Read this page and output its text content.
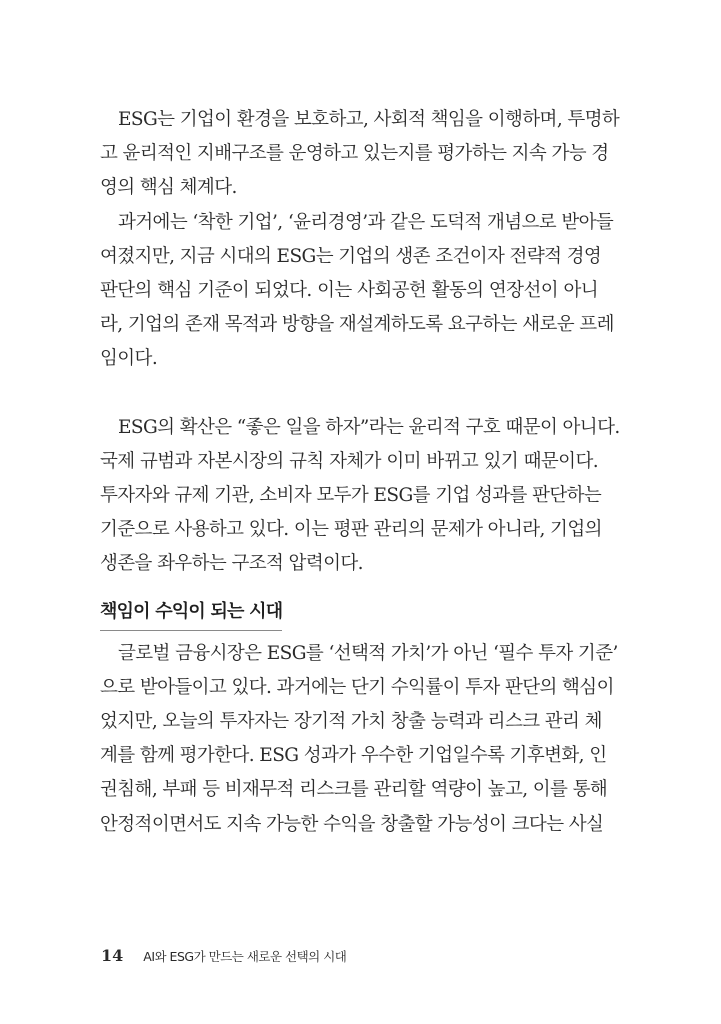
ESG는 기업이 환경을 보호하고, 사회적 책임을 이행하며, 투명하
고 윤리적인 지배구조를 운영하고 있는지를 평가하는 지속 가능 경
영의 핵심 체계다.

과거에는 ‘착한 기업’, ‘윤리경영’과 같은 도덕적 개념으로 받아들
여졌지만, 지금 시대의 ESG는 기업의 생존 조건이자 전략적 경영
판단의 핵심 기준이 되었다. 이는 사회공헌 활동의 연장선이 아니
라, 기업의 존재 목적과 방향을 재설계하도록 요구하는 새로운 프레
임이다.

ESG의 확산은 “좋은 일을 하자”라는 윤리적 구호 때문이 아니다.
국제 규범과 자본시장의 규칙 자체가 이미 바뀌고 있기 때문이다.
투자자와 규제 기관, 소비자 모두가 ESG를 기업 성과를 판단하는
기준으로 사용하고 있다. 이는 평판 관리의 문제가 아니라, 기업의
생존을 좌우하는 구조적 압력이다.

책임이 수익이 되는 시대

글로벌 금융시장은 ESG를 ‘선택적 가치’가 아닌 ‘필수 투자 기준’
으로 받아들이고 있다. 과거에는 단기 수익률이 투자 판단의 핵심이
었지만, 오늘의 투자자는 장기적 가치 창출 능력과 리스크 관리 체
계를 함께 평가한다. ESG 성과가 우수한 기업일수록 기후변화, 인
권침해, 부패 등 비재무적 리스크를 관리할 역량이 높고, 이를 통해
안정적이면서도 지속 가능한 수익을 창출할 가능성이 크다는 사실

14 AI와 ESG가 만드는 새로운 선택의 시대
